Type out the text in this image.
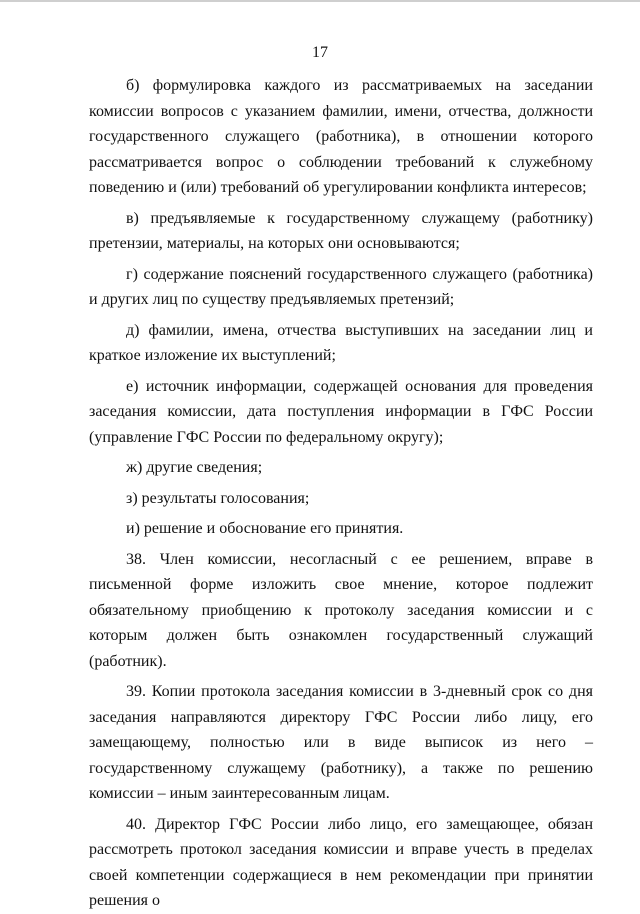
17

б) формулировка каждого из рассматриваемых на заседании комиссии вопросов с указанием фамилии, имени, отчества, должности государственного служащего (работника), в отношении которого рассматривается вопрос о соблюдении требований к служебному поведению и (или) требований об урегулировании конфликта интересов;

в) предъявляемые к государственному служащему (работнику) претензии, материалы, на которых они основываются;

г) содержание пояснений государственного служащего (работника) и других лиц по существу предъявляемых претензий;

д) фамилии, имена, отчества выступивших на заседании лиц и краткое изложение их выступлений;

е) источник информации, содержащей основания для проведения заседания комиссии, дата поступления информации в ГФС России (управление ГФС России по федеральному округу);

ж) другие сведения;

з) результаты голосования;

и) решение и обоснование его принятия.

38. Член комиссии, несогласный с ее решением, вправе в письменной форме изложить свое мнение, которое подлежит обязательному приобщению к протоколу заседания комиссии и с которым должен быть ознакомлен государственный служащий (работник).

39. Копии протокола заседания комиссии в 3-дневный срок со дня заседания направляются директору ГФС России либо лицу, его замещающему, полностью или в виде выписок из него – государственному служащему (работнику), а также по решению комиссии – иным заинтересованным лицам.

40. Директор ГФС России либо лицо, его замещающее, обязан рассмотреть протокол заседания комиссии и вправе учесть в пределах своей компетенции содержащиеся в нем рекомендации при принятии решения о
